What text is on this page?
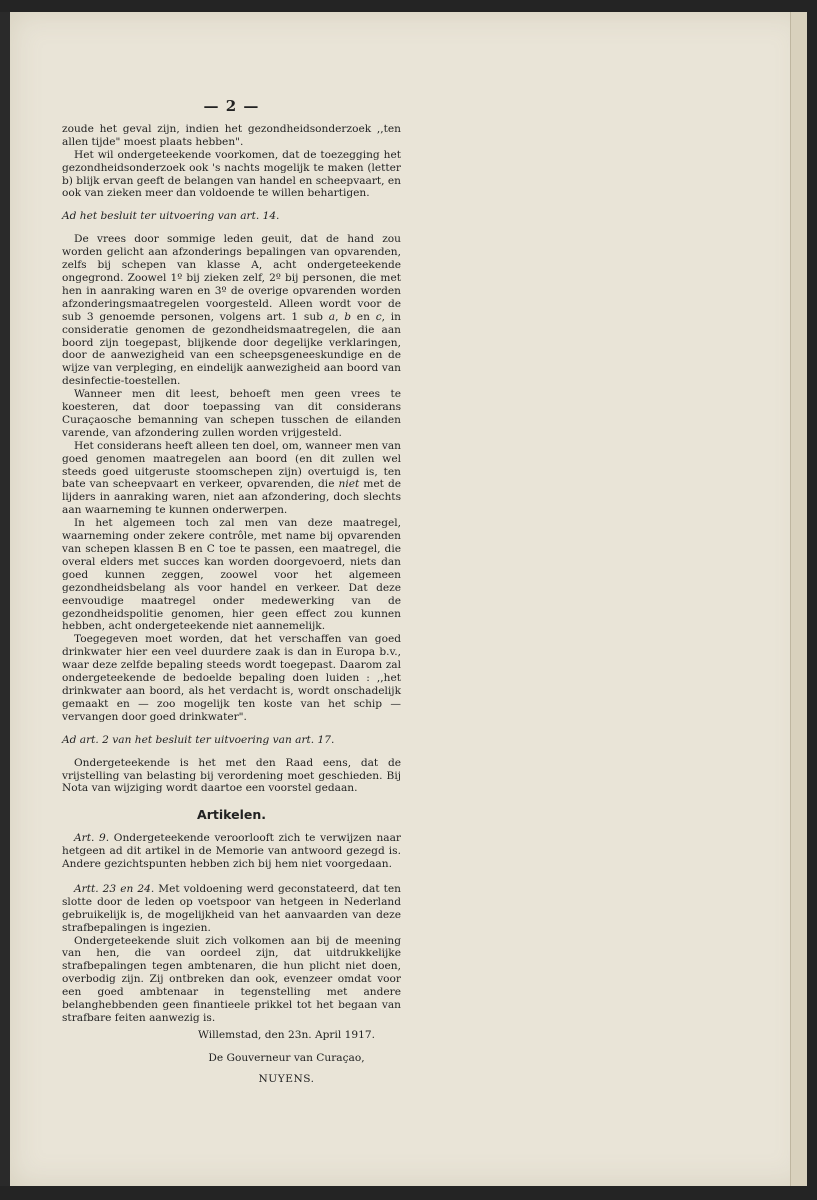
— 2 —

zoude het geval zijn, indien het gezondheidsonderzoek ,,ten allen tijde" moest plaats hebben".

Het wil ondergeteekende voorkomen, dat de toezegging het gezondheidsonderzoek ook 's nachts mogelijk te maken (letter b) blijk ervan geeft de belangen van handel en scheepvaart, en ook van zieken meer dan voldoende te willen behartigen.

Ad het besluit ter uitvoering van art. 14.

De vrees door sommige leden geuit, dat de hand zou worden gelicht aan afzonderings bepalingen van opvarenden, zelfs bij schepen van klasse A, acht ondergeteekende ongegrond. Zoowel 1º bij zieken zelf, 2º bij personen, die met hen in aanraking waren en 3º de overige opvarenden worden afzonderingsmaatregelen voorgesteld. Alleen wordt voor de sub 3 genoemde personen, volgens art. 1 sub a, b en c, in consideratie genomen de gezondheidsmaatregelen, die aan boord zijn toegepast, blijkende door degelijke verklaringen, door de aanwezigheid van een scheepsgeneeskundige en de wijze van verpleging, en eindelijk aanwezigheid aan boord van desinfectie-toestellen.

Wanneer men dit leest, behoeft men geen vrees te koesteren, dat door toepassing van dit considerans Curaçaosche bemanning van schepen tusschen de eilanden varende, van afzondering zullen worden vrijgesteld.

Het considerans heeft alleen ten doel, om, wanneer men van goed genomen maatregelen aan boord (en dit zullen wel steeds goed uitgeruste stoomschepen zijn) overtuigd is, ten bate van scheepvaart en verkeer, opvarenden, die niet met de lijders in aanraking waren, niet aan afzondering, doch slechts aan waarneming te kunnen onderwerpen.

In het algemeen toch zal men van deze maatregel, waarneming onder zekere contrôle, met name bij opvarenden van schepen klassen B en C toe te passen, een maatregel, die overal elders met succes kan worden doorgevoerd, niets dan goed kunnen zeggen, zoowel voor het algemeen gezondheidsbelang als voor handel en verkeer. Dat deze eenvoudige maatregel onder medewerking van de gezondheidspolitie genomen, hier geen effect zou kunnen hebben, acht ondergeteekende niet aannemelijk.

Toegegeven moet worden, dat het verschaffen van goed drinkwater hier een veel duurdere zaak is dan in Europa b.v., waar deze zelfde bepaling steeds wordt toegepast. Daarom zal ondergeteekende de bedoelde bepaling doen luiden : ,,het drinkwater aan boord, als het verdacht is, wordt onschadelijk gemaakt en — zoo mogelijk ten koste van het schip — vervangen door goed drinkwater".

Ad art. 2 van het besluit ter uitvoering van art. 17.

Ondergeteekende is het met den Raad eens, dat de vrijstelling van belasting bij verordening moet geschieden. Bij Nota van wijziging wordt daartoe een voorstel gedaan.

Artikelen.

Art. 9. Ondergeteekende veroorlooft zich te verwijzen naar hetgeen ad dit artikel in de Memorie van antwoord gezegd is. Andere gezichtspunten hebben zich bij hem niet voorgedaan.

Artt. 23 en 24. Met voldoening werd geconstateerd, dat ten slotte door de leden op voetspoor van hetgeen in Nederland gebruikelijk is, de mogelijkheid van het aanvaarden van deze strafbepalingen is ingezien.

Ondergeteekende sluit zich volkomen aan bij de meening van hen, die van oordeel zijn, dat uitdrukkelijke strafbepalingen tegen ambtenaren, die hun plicht niet doen, overbodig zijn. Zij ontbreken dan ook, evenzeer omdat voor een goed ambtenaar in tegenstelling met andere belanghebbenden geen finantieele prikkel tot het begaan van strafbare feiten aanwezig is.

Willemstad, den 23n. April 1917.

De Gouverneur van Curaçao,

NUYENS.
